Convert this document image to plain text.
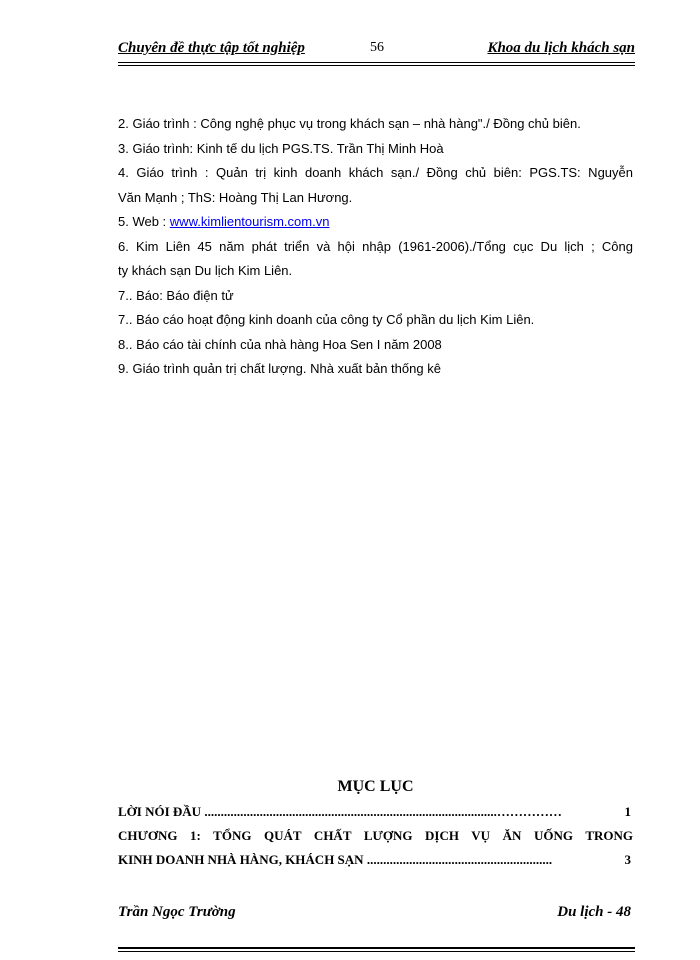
Chuyên đề thực tập tốt nghiệp	56	Khoa du lịch khách sạn
2. Giáo trình : Công nghệ phục vụ trong khách sạn – nhà hàng"./ Đồng chủ biên.
3. Giáo trình: Kinh tế du lịch PGS.TS. Trần Thị Minh Hoà
4. Giáo trình : Quản trị kinh doanh khách sạn./ Đồng chủ biên: PGS.TS: Nguyễn
Văn Mạnh ; ThS: Hoàng Thị Lan Hương.
5. Web : www.kimlientourism.com.vn
6. Kim Liên 45 năm phát triển và hội nhập (1961-2006)./Tổng cục Du lịch ; Công
ty khách sạn Du lịch Kim Liên.
7.. Báo: Báo điện tử
7.. Báo cáo hoạt động kinh doanh của công ty Cổ phần du lịch Kim Liên.
8.. Báo cáo tài chính của nhà hàng Hoa Sen I năm 2008
9. Giáo trình quản trị chất lượng. Nhà xuất bản thống kê
MỤC LỤC
LỜI NÓI ĐẦU ..........................................................................................……………	1
CHƯƠNG 1: TỔNG QUÁT CHẤT LƯỢNG DỊCH VỤ ĂN UỐNG TRONG
KINH DOANH NHÀ HÀNG, KHÁCH SẠN .........................................................	3
Trần Ngọc Trường	Du lịch - 48
